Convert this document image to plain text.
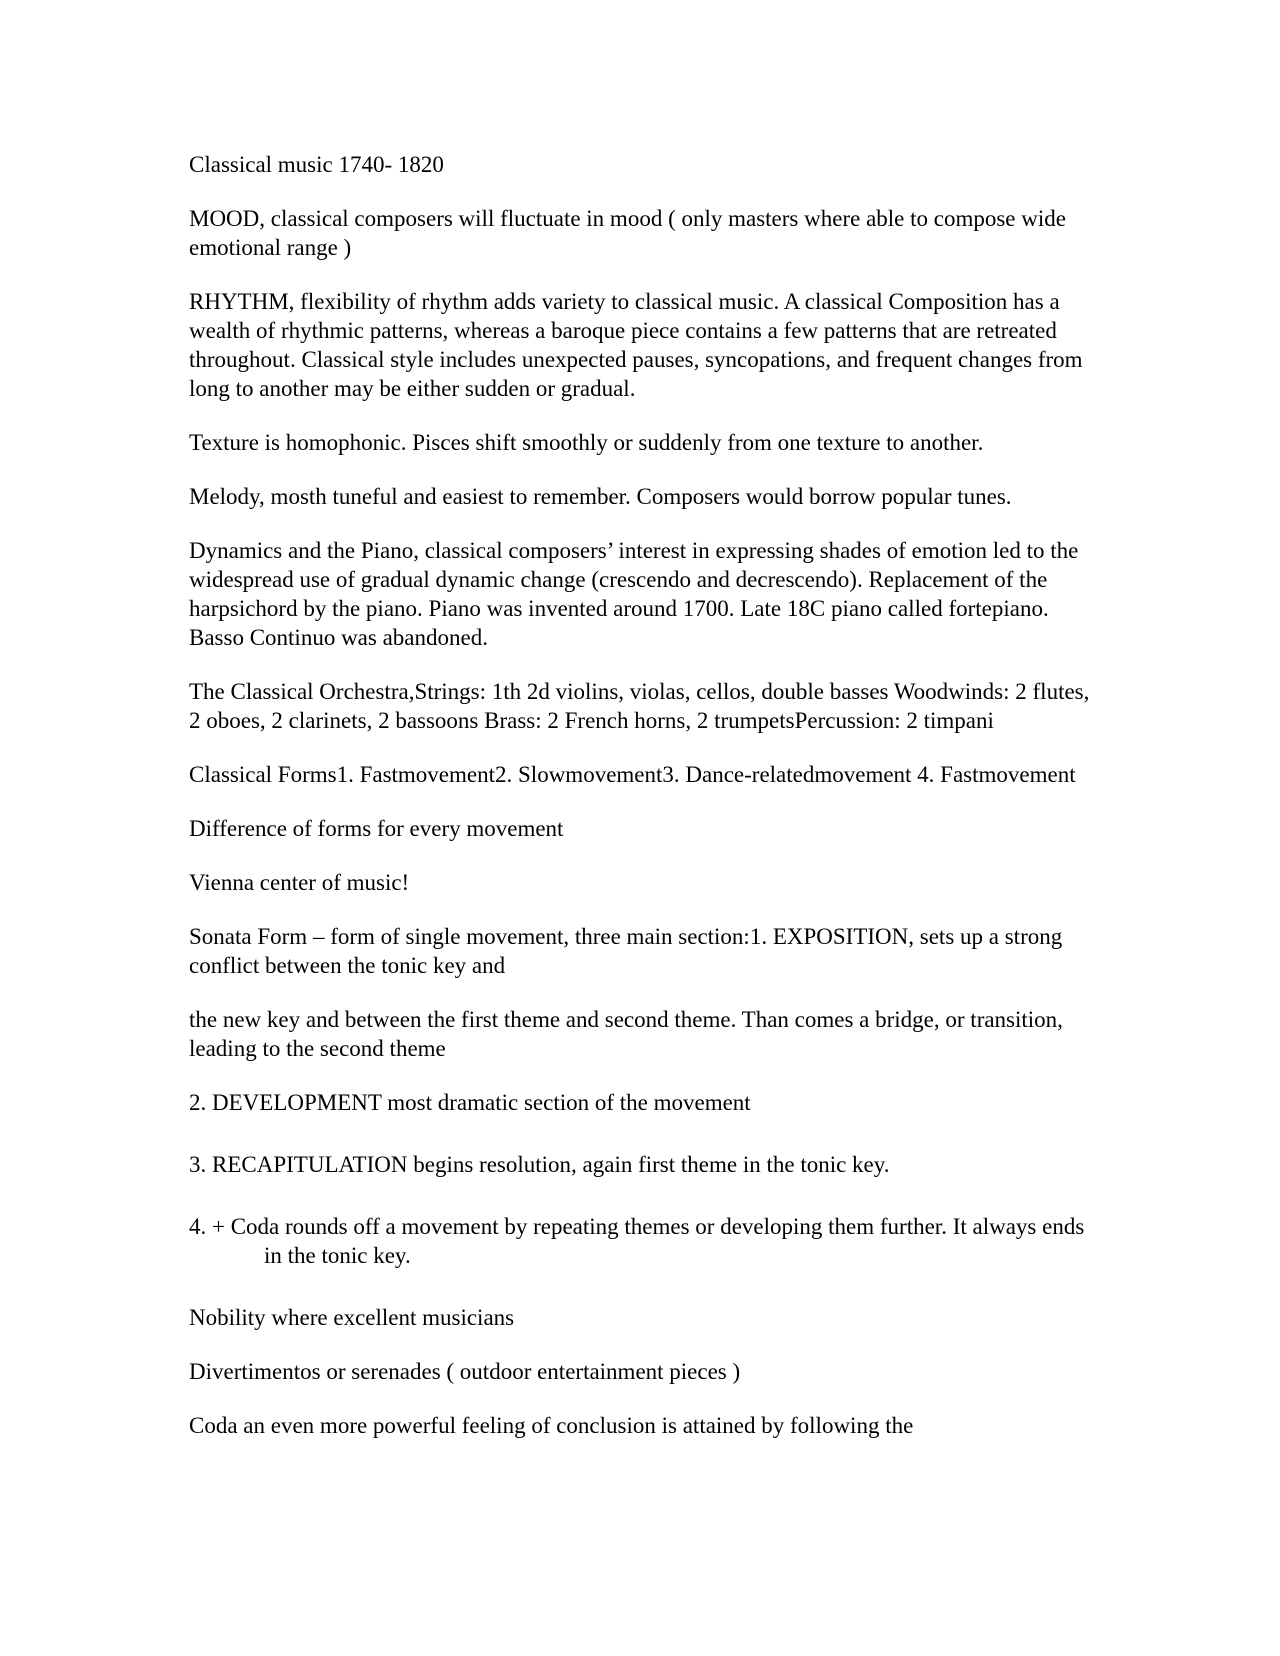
Classical music 1740- 1820

MOOD, classical composers will fluctuate in mood ( only masters where able to compose wide emotional range )

RHYTHM, flexibility of rhythm adds variety to classical music. A classical Composition has a wealth of rhythmic patterns, whereas a baroque piece contains a few patterns that are retreated throughout. Classical style includes unexpected pauses, syncopations, and frequent changes from long to another may be either sudden or gradual.

Texture is homophonic. Pisces shift smoothly or suddenly from one texture to another.

Melody, mosth tuneful and easiest to remember. Composers would borrow popular tunes.

Dynamics and the Piano, classical composers’ interest in expressing shades of emotion led to the widespread use of gradual dynamic change (crescendo and decrescendo). Replacement of the harpsichord by the piano. Piano was invented around 1700. Late 18C piano called fortepiano. Basso Continuo was abandoned.

The Classical Orchestra,Strings: 1th 2d violins, violas, cellos, double basses Woodwinds: 2 flutes, 2 oboes, 2 clarinets, 2 bassoons Brass: 2 French horns, 2 trumpetsPercussion: 2 timpani

Classical Forms1. Fastmovement2. Slowmovement3. Dance-relatedmovement 4. Fastmovement

Difference of forms for every movement

Vienna center of music!

Sonata Form – form of single movement, three main section:1. EXPOSITION, sets up a strong conflict between the tonic key and

the new key and between the first theme and second theme. Than comes a bridge, or transition, leading to the second theme

2. DEVELOPMENT most dramatic section of the movement

3. RECAPITULATION begins resolution, again first theme in the tonic key.

4. + Coda rounds off a movement by repeating themes or developing them further. It always ends in the tonic key.

Nobility where excellent musicians

Divertimentos or serenades ( outdoor entertainment pieces )

Coda an even more powerful feeling of conclusion is attained by following the
